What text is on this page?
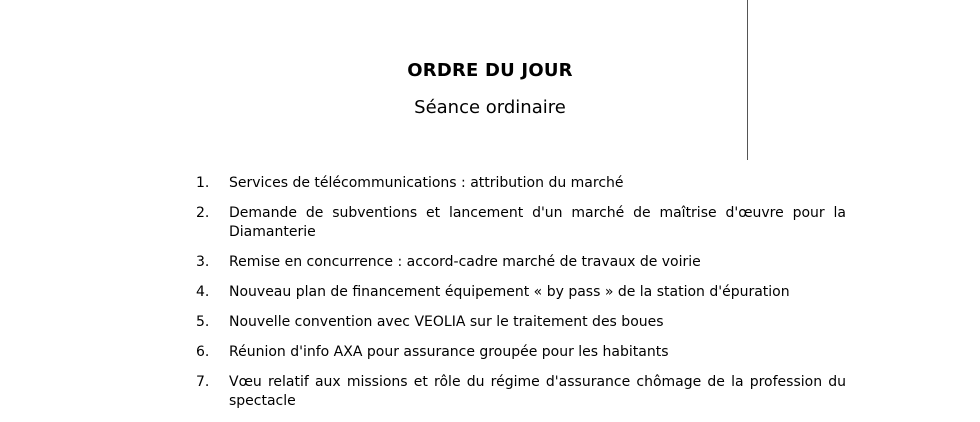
ORDRE DU JOUR
Séance ordinaire
1.	Services de télécommunications : attribution du marché
2.	Demande de subventions et lancement d'un marché de maîtrise d'œuvre pour la Diamanterie
3.	Remise en concurrence : accord-cadre marché de travaux de voirie
4.	Nouveau plan de financement équipement « by pass » de la station d'épuration
5.	Nouvelle convention avec VEOLIA sur le traitement des boues
6.	Réunion d'info AXA pour assurance groupée pour les habitants
7.	Vœu relatif aux missions et rôle du régime d'assurance chômage de la profession du spectacle
